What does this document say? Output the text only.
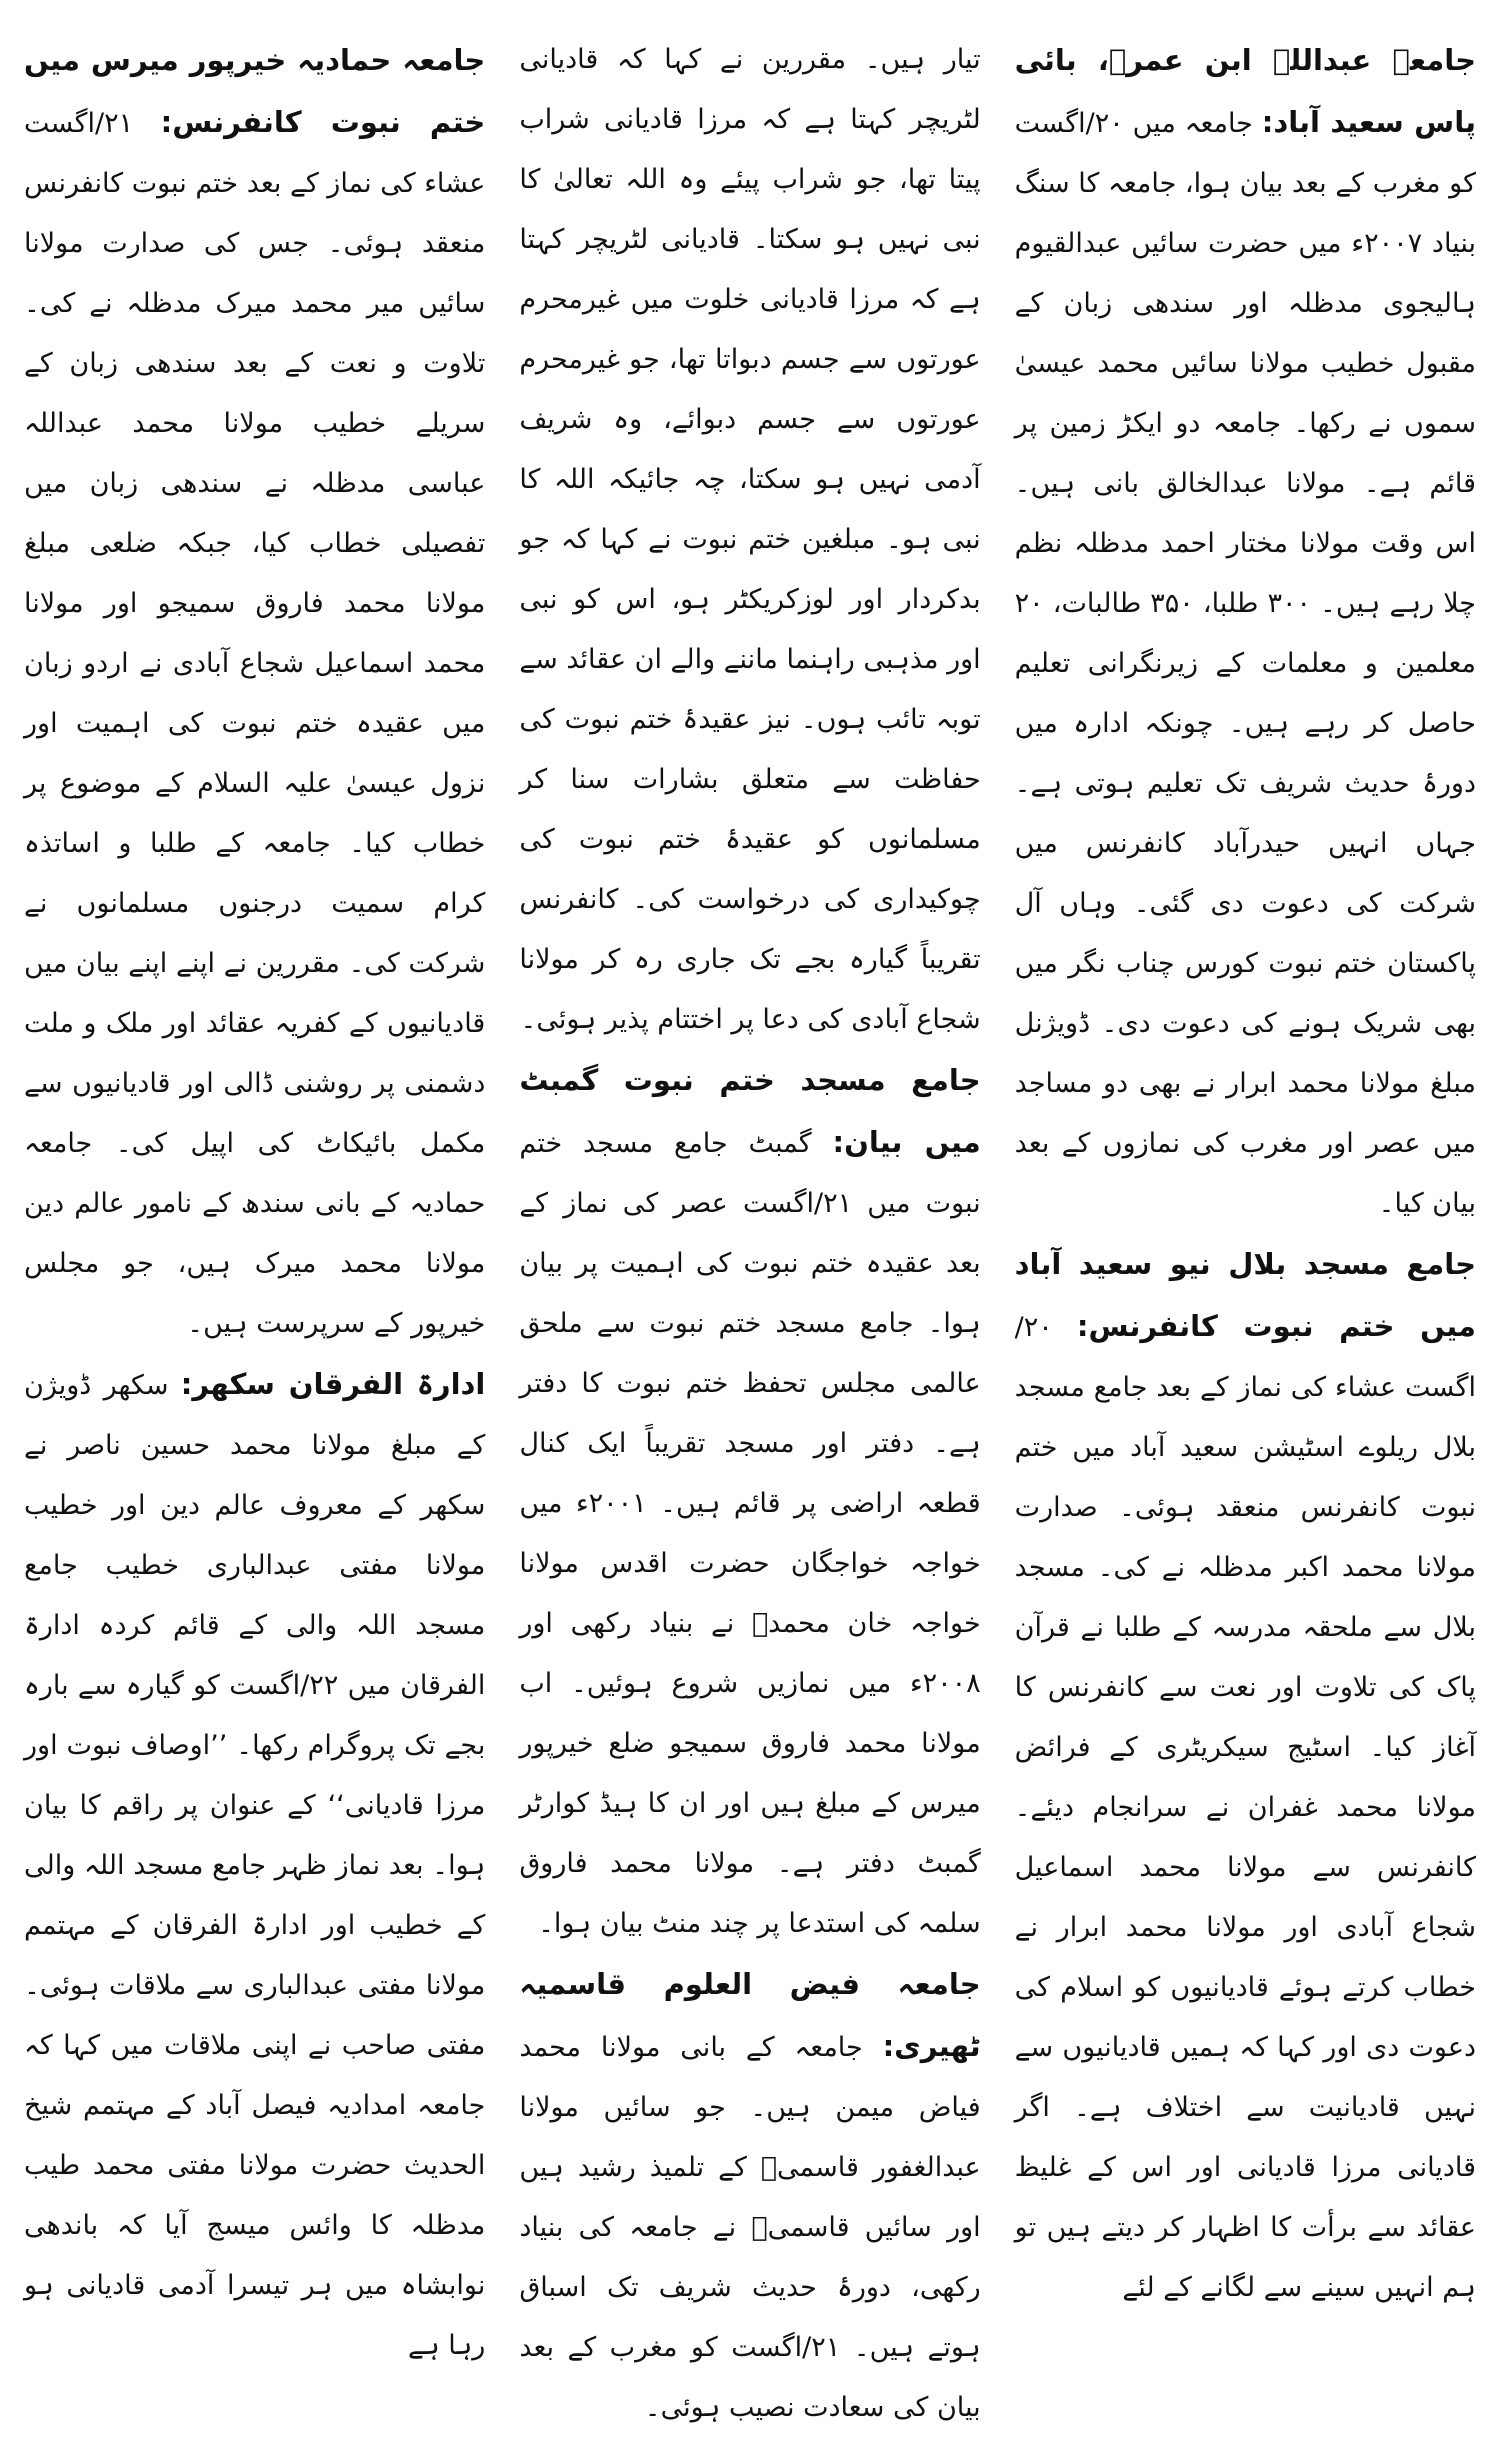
جامعہ عبداللہ ابن عمرؓ، بائی پاس سعید آباد: جامعہ میں ۲۰/اگست کو مغرب کے بعد بیان ہوا، جامعہ کا سنگ بنیاد ۲۰۰۷ء میں حضرت سائیں عبدالقیوم ہالیجوی مدظلہ اور سندھی زبان کے مقبول خطیب مولانا سائیں محمد عیسیٰ سموں نے رکھا۔ جامعہ دو ایکڑ زمین پر قائم ہے۔ مولانا عبدالخالق بانی ہیں۔ اس وقت مولانا مختار احمد مدظلہ نظم چلا رہے ہیں۔ ۳۰۰ طلبا، ۳۵۰ طالبات، ۲۰ معلمین و معلمات کے زیرنگرانی تعلیم حاصل کر رہے ہیں۔ چونکہ ادارہ میں دورۂ حدیث شریف تک تعلیم ہوتی ہے۔ جہاں انہیں حیدرآباد کانفرنس میں شرکت کی دعوت دی گئی۔ وہاں آل پاکستان ختم نبوت کورس چناب نگر میں بھی شریک ہونے کی دعوت دی۔ ڈویژنل مبلغ مولانا محمد ابرار نے بھی دو مساجد میں عصر اور مغرب کی نمازوں کے بعد بیان کیا۔

جامع مسجد بلال نیو سعید آباد میں ختم نبوت کانفرنس: ۲۰/اگست عشاء کی نماز کے بعد جامع مسجد بلال ریلوے اسٹیشن سعید آباد میں ختم نبوت کانفرنس منعقد ہوئی۔ صدارت مولانا محمد اکبر مدظلہ نے کی۔ مسجد بلال سے ملحقہ مدرسہ کے طلبا نے قرآن پاک کی تلاوت اور نعت سے کانفرنس کا آغاز کیا۔ اسٹیج سیکریٹری کے فرائض مولانا محمد غفران نے سرانجام دیئے۔ کانفرنس سے مولانا محمد اسماعیل شجاع آبادی اور مولانا محمد ابرار نے خطاب کرتے ہوئے قادیانیوں کو اسلام کی دعوت دی اور کہا کہ ہمیں قادیانیوں سے نہیں قادیانیت سے اختلاف ہے۔ اگر قادیانی مرزا قادیانی اور اس کے غلیظ عقائد سے برأت کا اظہار کر دیتے ہیں تو ہم انہیں سینے سے لگانے کے لئے

تیار ہیں۔ مقررین نے کہا کہ قادیانی لٹریچر کہتا ہے کہ مرزا قادیانی شراب پیتا تھا، جو شراب پیئے وہ اللہ تعالیٰ کا نبی نہیں ہو سکتا۔ قادیانی لٹریچر کہتا ہے کہ مرزا قادیانی خلوت میں غیرمحرم عورتوں سے جسم دبواتا تھا، جو غیرمحرم عورتوں سے جسم دبوائے، وہ شریف آدمی نہیں ہو سکتا، چہ جائیکہ اللہ کا نبی ہو۔ مبلغین ختم نبوت نے کہا کہ جو بدکردار اور لوزکریکٹر ہو، اس کو نبی اور مذہبی راہنما ماننے والے ان عقائد سے توبہ تائب ہوں۔ نیز عقیدۂ ختم نبوت کی حفاظت سے متعلق بشارات سنا کر مسلمانوں کو عقیدۂ ختم نبوت کی چوکیداری کی درخواست کی۔ کانفرنس تقریباً گیارہ بجے تک جاری رہ کر مولانا شجاع آبادی کی دعا پر اختتام پذیر ہوئی۔

جامع مسجد ختم نبوت گمبٹ میں بیان: گمبٹ جامع مسجد ختم نبوت میں ۲۱/اگست عصر کی نماز کے بعد عقیدہ ختم نبوت کی اہمیت پر بیان ہوا۔ جامع مسجد ختم نبوت سے ملحق عالمی مجلس تحفظ ختم نبوت کا دفتر ہے۔ دفتر اور مسجد تقریباً ایک کنال قطعہ اراضی پر قائم ہیں۔ ۲۰۰۱ء میں خواجہ خواجگان حضرت اقدس مولانا خواجہ خان محمدؒ نے بنیاد رکھی اور ۲۰۰۸ء میں نمازیں شروع ہوئیں۔ اب مولانا محمد فاروق سمیجو ضلع خیرپور میرس کے مبلغ ہیں اور ان کا ہیڈ کوارٹر گمبٹ دفتر ہے۔ مولانا محمد فاروق سلمہ کی استدعا پر چند منٹ بیان ہوا۔

جامعہ فیض العلوم قاسمیہ ٹھیری: جامعہ کے بانی مولانا محمد فیاض میمن ہیں۔ جو سائیں مولانا عبدالغفور قاسمیؒ کے تلمیذ رشید ہیں اور سائیں قاسمیؒ نے جامعہ کی بنیاد رکھی، دورۂ حدیث شریف تک اسباق ہوتے ہیں۔ ۲۱/اگست کو مغرب کے بعد بیان کی سعادت نصیب ہوئی۔

جامعہ حمادیہ خیرپور میرس میں ختم نبوت کانفرنس: ۲۱/اگست عشاء کی نماز کے بعد ختم نبوت کانفرنس منعقد ہوئی۔ جس کی صدارت مولانا سائیں میر محمد میرک مدظلہ نے کی۔ تلاوت و نعت کے بعد سندھی زبان کے سریلے خطیب مولانا محمد عبداللہ عباسی مدظلہ نے سندھی زبان میں تفصیلی خطاب کیا، جبکہ ضلعی مبلغ مولانا محمد فاروق سمیجو اور مولانا محمد اسماعیل شجاع آبادی نے اردو زبان میں عقیدہ ختم نبوت کی اہمیت اور نزول عیسیٰ علیہ السلام کے موضوع پر خطاب کیا۔ جامعہ کے طلبا و اساتذہ کرام سمیت درجنوں مسلمانوں نے شرکت کی۔ مقررین نے اپنے اپنے بیان میں قادیانیوں کے کفریہ عقائد اور ملک و ملت دشمنی پر روشنی ڈالی اور قادیانیوں سے مکمل بائیکاٹ کی اپیل کی۔ جامعہ حمادیہ کے بانی سندھ کے نامور عالم دین مولانا محمد میرک ہیں، جو مجلس خیرپور کے سرپرست ہیں۔

ادارۃ الفرقان سکھر: سکھر ڈویژن کے مبلغ مولانا محمد حسین ناصر نے سکھر کے معروف عالم دین اور خطیب مولانا مفتی عبدالباری خطیب جامع مسجد اللہ والی کے قائم کردہ ادارۃ الفرقان میں ۲۲/اگست کو گیارہ سے بارہ بجے تک پروگرام رکھا۔ ’’اوصاف نبوت اور مرزا قادیانی‘‘ کے عنوان پر راقم کا بیان ہوا۔ بعد نماز ظہر جامع مسجد اللہ والی کے خطیب اور ادارۃ الفرقان کے مہتمم مولانا مفتی عبدالباری سے ملاقات ہوئی۔ مفتی صاحب نے اپنی ملاقات میں کہا کہ جامعہ امدادیہ فیصل آباد کے مہتمم شیخ الحدیث حضرت مولانا مفتی محمد طیب مدظلہ کا وائس میسج آیا کہ باندھی نوابشاہ میں ہر تیسرا آدمی قادیانی ہو رہا ہے
